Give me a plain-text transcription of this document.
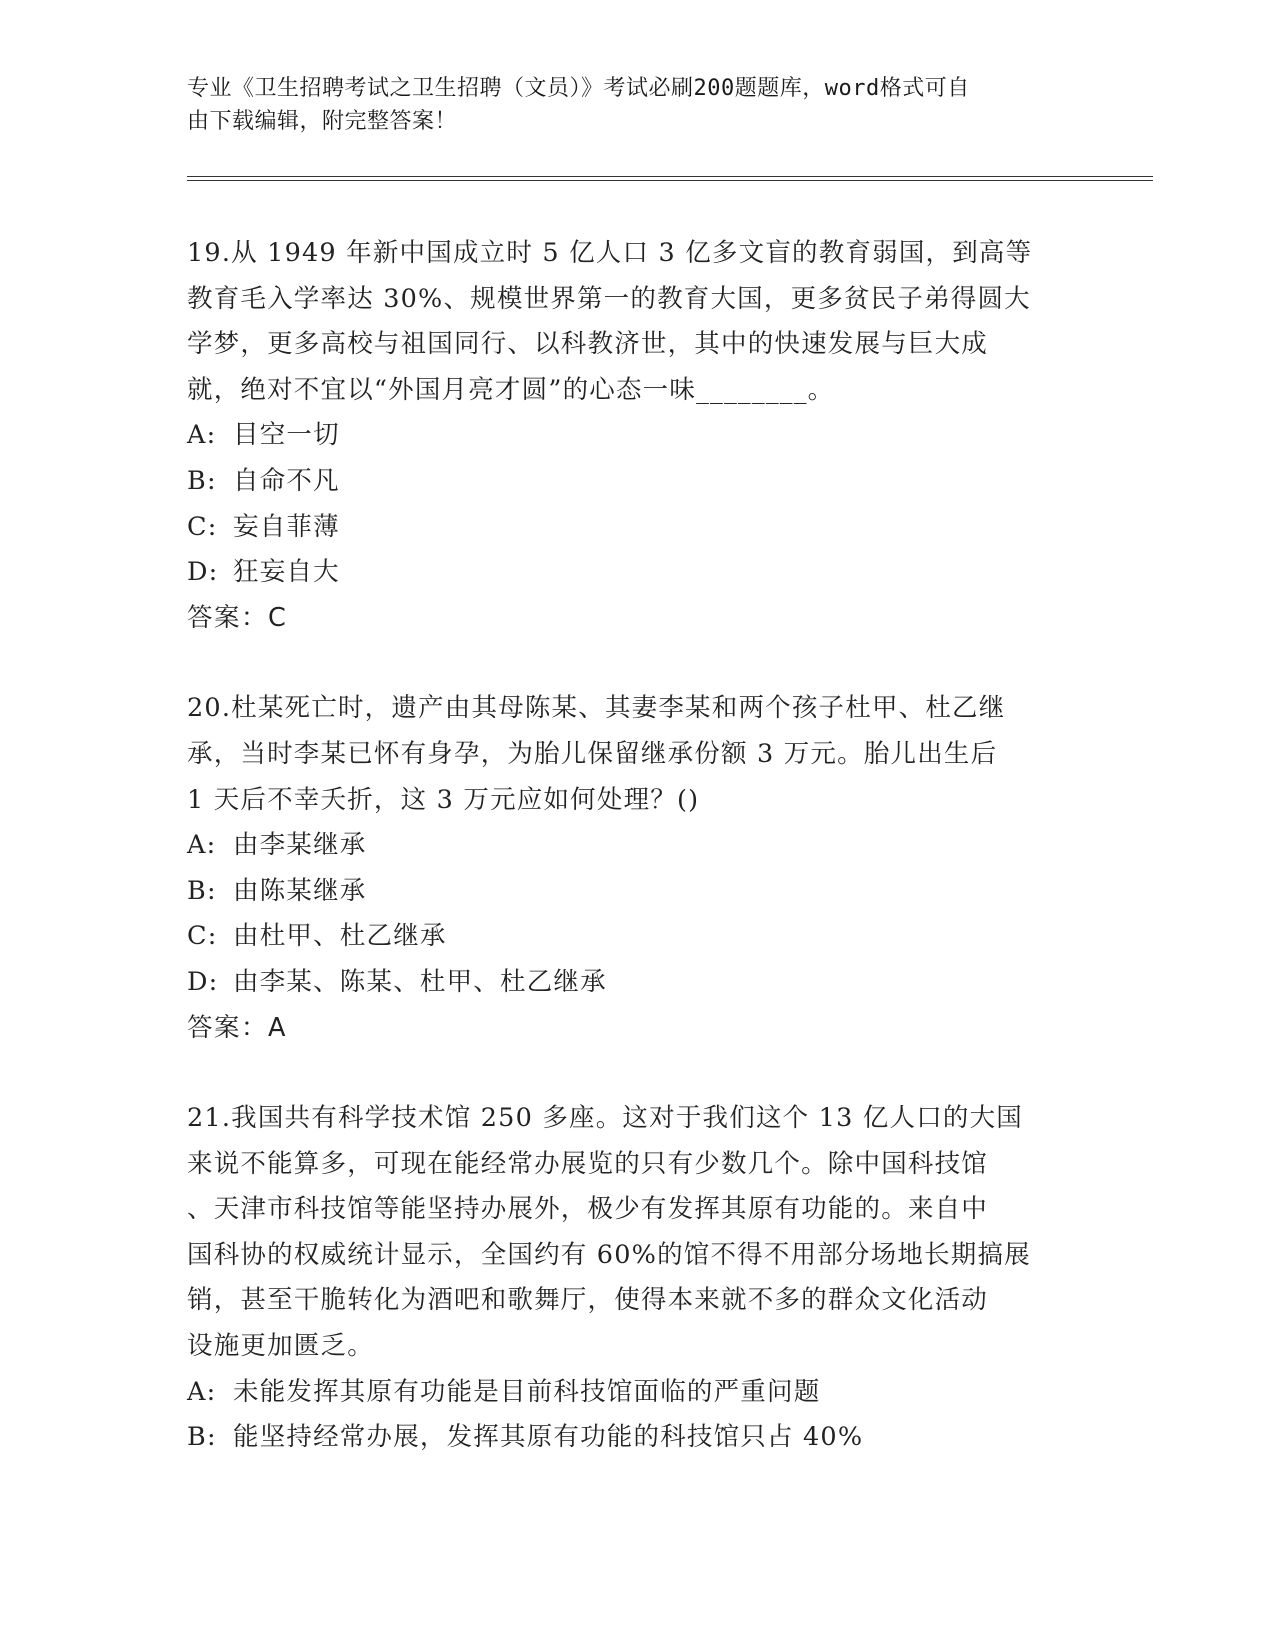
专业《卫生招聘考试之卫生招聘（文员）》考试必刷200题题库，word格式可自
由下载编辑，附完整答案！

19.从 1949 年新中国成立时 5 亿人口 3 亿多文盲的教育弱国，到高等

教育毛入学率达 30%、规模世界第一的教育大国，更多贫民子弟得圆大

学梦，更多高校与祖国同行、以科教济世，其中的快速发展与巨大成

就，绝对不宜以“外国月亮才圆”的心态一味________。

A: 目空一切
B: 自命不凡
C: 妄自菲薄
D: 狂妄自大

答案：C

20.杜某死亡时，遗产由其母陈某、其妻李某和两个孩子杜甲、杜乙继

承，当时李某已怀有身孕，为胎儿保留继承份额 3 万元。胎儿出生后

1 天后不幸夭折，这 3 万元应如何处理？()

A: 由李某继承
B: 由陈某继承
C: 由杜甲、杜乙继承
D: 由李某、陈某、杜甲、杜乙继承

答案：A

21.我国共有科学技术馆 250 多座。这对于我们这个 13 亿人口的大国

来说不能算多，可现在能经常办展览的只有少数几个。除中国科技馆

、天津市科技馆等能坚持办展外，极少有发挥其原有功能的。来自中

国科协的权威统计显示，全国约有 60%的馆不得不用部分场地长期搞展

销，甚至干脆转化为酒吧和歌舞厅，使得本来就不多的群众文化活动

设施更加匮乏。

A: 未能发挥其原有功能是目前科技馆面临的严重问题
B: 能坚持经常办展，发挥其原有功能的科技馆只占 40%
